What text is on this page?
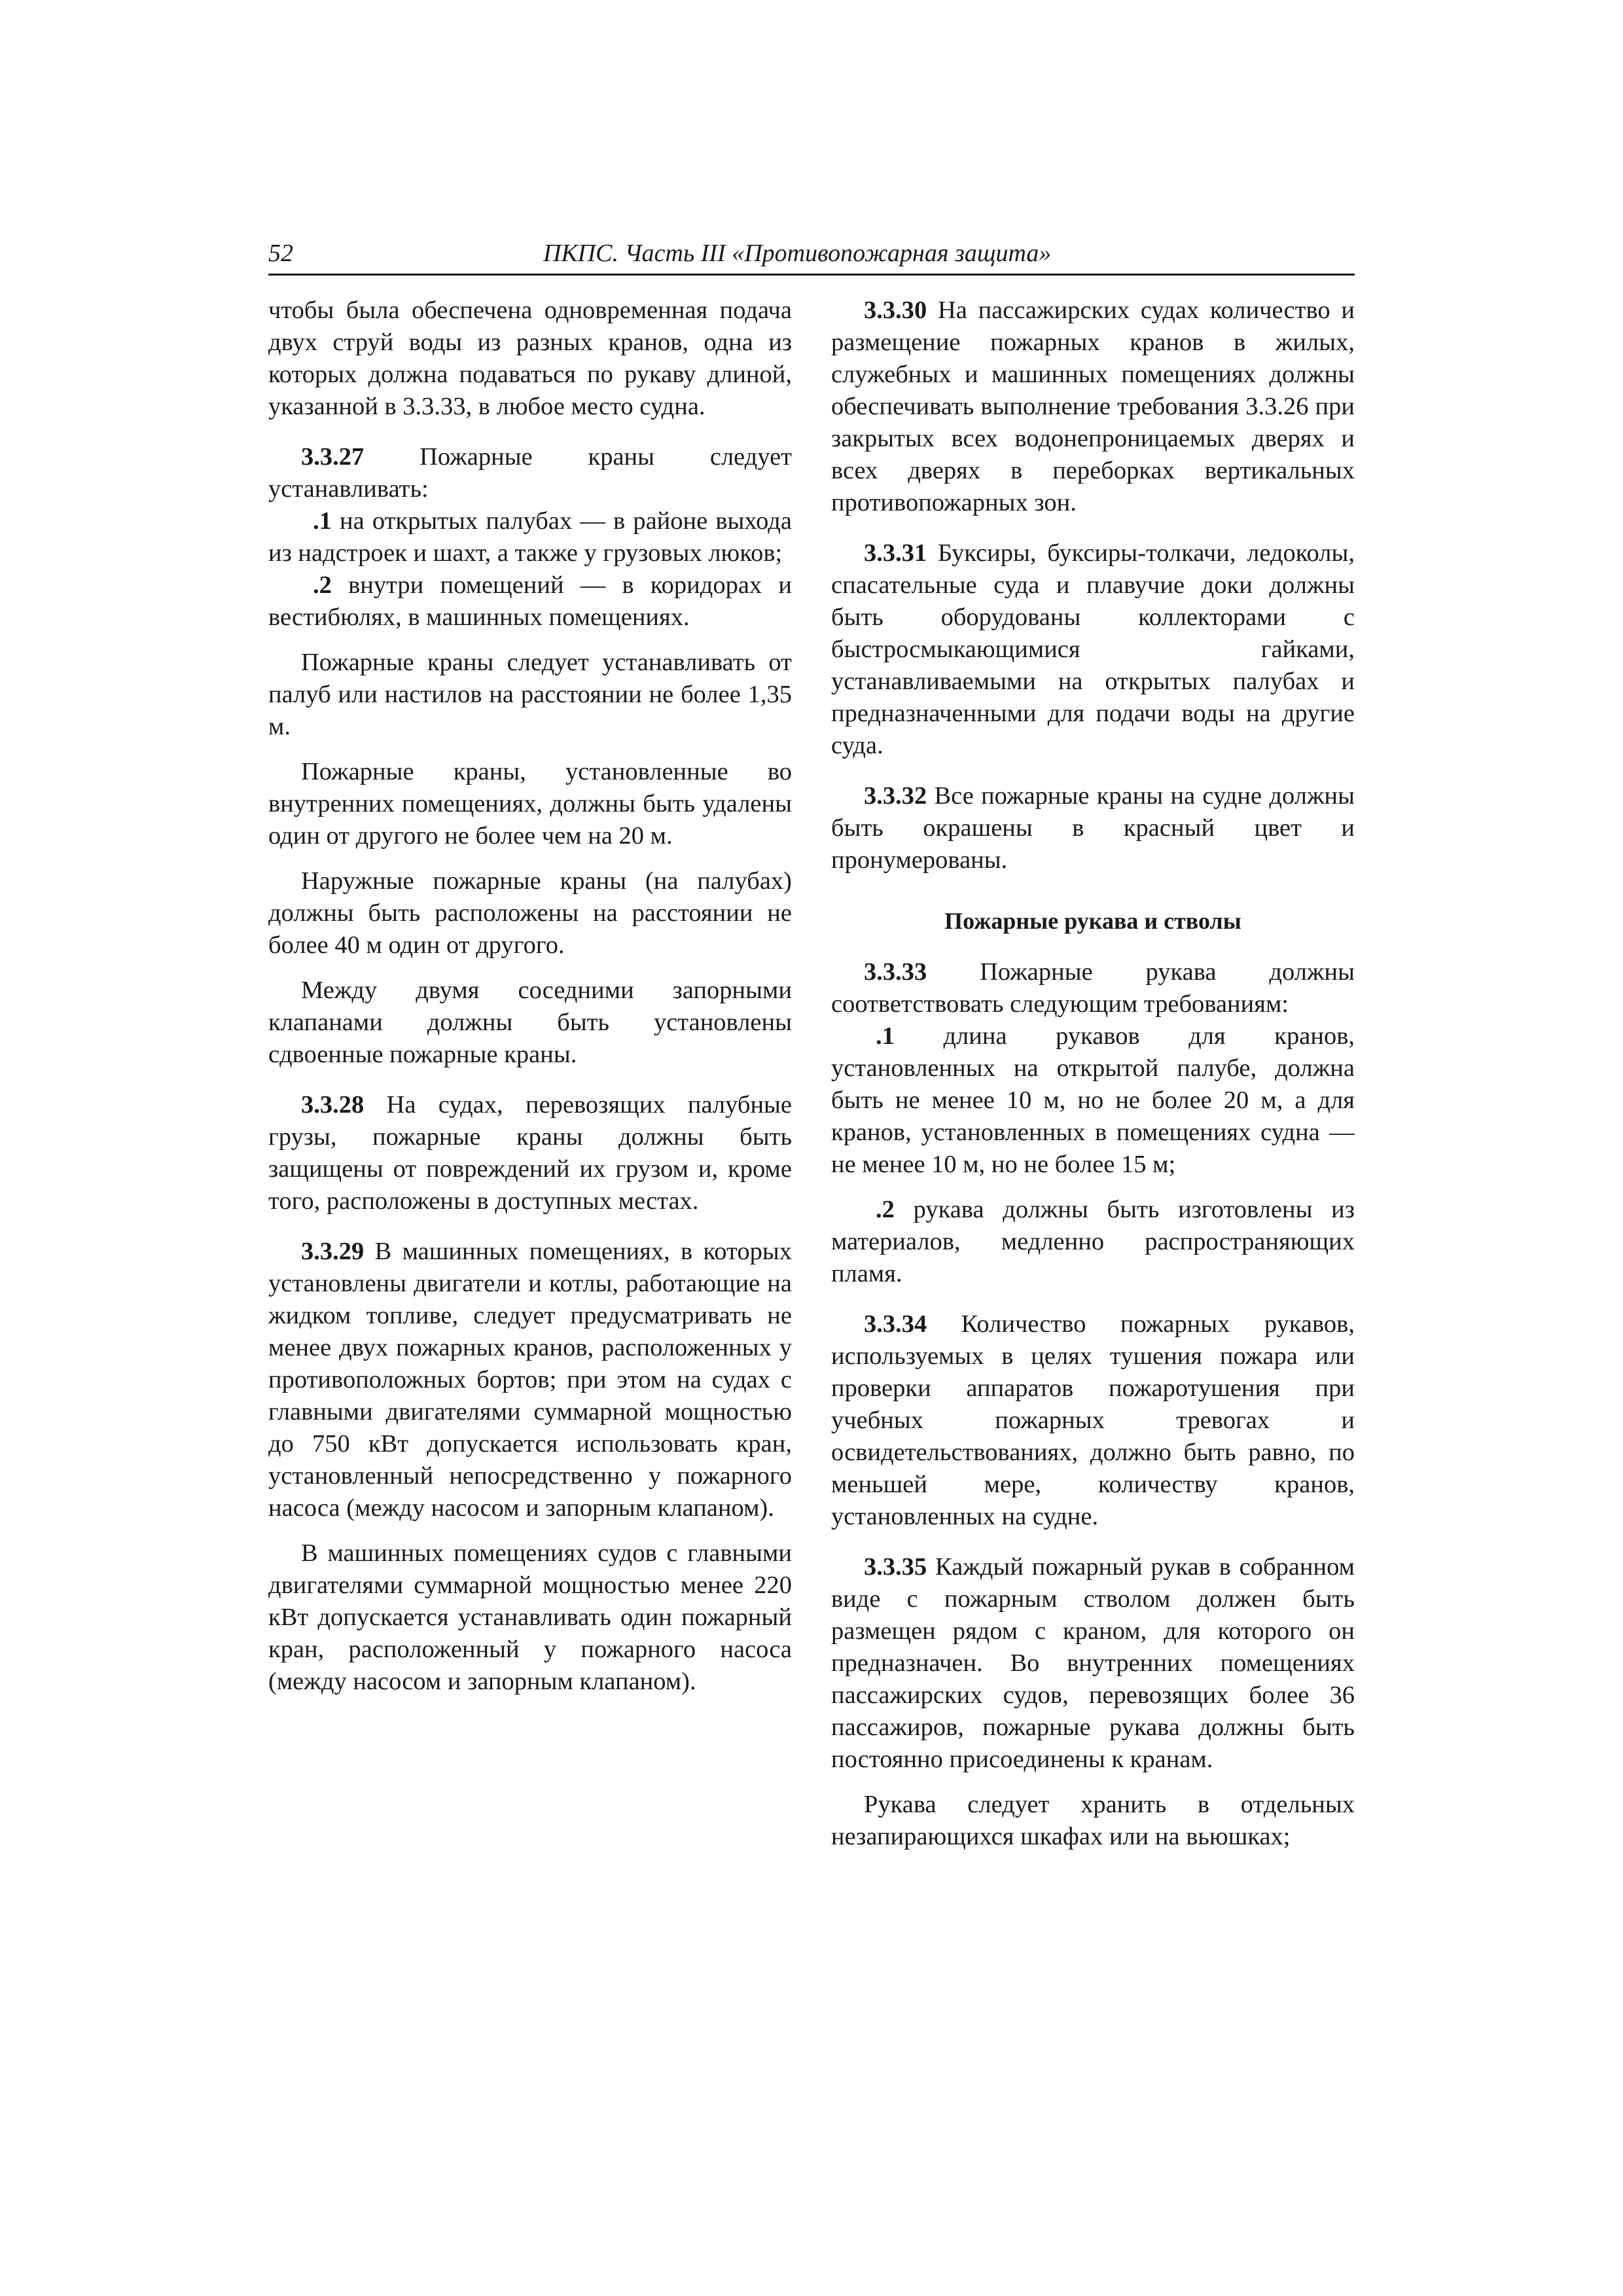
52	ПКПС. Часть III «Противопожарная защита»

чтобы была обеспечена одновременная подача двух струй воды из разных кранов, одна из которых должна подаваться по рукаву длиной, указанной в 3.3.33, в любое место судна.

3.3.27 Пожарные краны следует устанавливать:

.1 на открытых палубах — в районе выхода из надстроек и шахт, а также у грузовых люков;

.2 внутри помещений — в коридорах и вестибюлях, в машинных помещениях.

Пожарные краны следует устанавливать от палуб или настилов на расстоянии не более 1,35 м.

Пожарные краны, установленные во внутренних помещениях, должны быть удалены один от другого не более чем на 20 м.

Наружные пожарные краны (на палубах) должны быть расположены на расстоянии не более 40 м один от другого.

Между двумя соседними запорными клапанами должны быть установлены сдвоенные пожарные краны.

3.3.28 На судах, перевозящих палубные грузы, пожарные краны должны быть защищены от повреждений их грузом и, кроме того, расположены в доступных местах.

3.3.29 В машинных помещениях, в которых установлены двигатели и котлы, работающие на жидком топливе, следует предусматривать не менее двух пожарных кранов, расположенных у противоположных бортов; при этом на судах с главными двигателями суммарной мощностью до 750 кВт допускается использовать кран, установленный непосредственно у пожарного насоса (между насосом и запорным клапаном).

В машинных помещениях судов с главными двигателями суммарной мощностью менее 220 кВт допускается устанавливать один пожарный кран, расположенный у пожарного насоса (между насосом и запорным клапаном).

3.3.30 На пассажирских судах количество и размещение пожарных кранов в жилых, служебных и машинных помещениях должны обеспечивать выполнение требования 3.3.26 при закрытых всех водонепроницаемых дверях и всех дверях в переборках вертикальных противопожарных зон.

3.3.31 Буксиры, буксиры-толкачи, ледоколы, спасательные суда и плавучие доки должны быть оборудованы коллекторами с быстросмыкающимися гайками, устанавливаемыми на открытых палубах и предназначенными для подачи воды на другие суда.

3.3.32 Все пожарные краны на судне должны быть окрашены в красный цвет и пронумерованы.

Пожарные рукава и стволы

3.3.33 Пожарные рукава должны соответствовать следующим требованиям:

.1 длина рукавов для кранов, установленных на открытой палубе, должна быть не менее 10 м, но не более 20 м, а для кранов, установленных в помещениях судна — не менее 10 м, но не более 15 м;

.2 рукава должны быть изготовлены из материалов, медленно распространяющих пламя.

3.3.34 Количество пожарных рукавов, используемых в целях тушения пожара или проверки аппаратов пожаротушения при учебных пожарных тревогах и освидетельствованиях, должно быть равно, по меньшей мере, количеству кранов, установленных на судне.

3.3.35 Каждый пожарный рукав в собранном виде с пожарным стволом должен быть размещен рядом с краном, для которого он предназначен. Во внутренних помещениях пассажирских судов, перевозящих более 36 пассажиров, пожарные рукава должны быть постоянно присоединены к кранам.

Рукава следует хранить в отдельных незапирающихся шкафах или на вьюшках;
